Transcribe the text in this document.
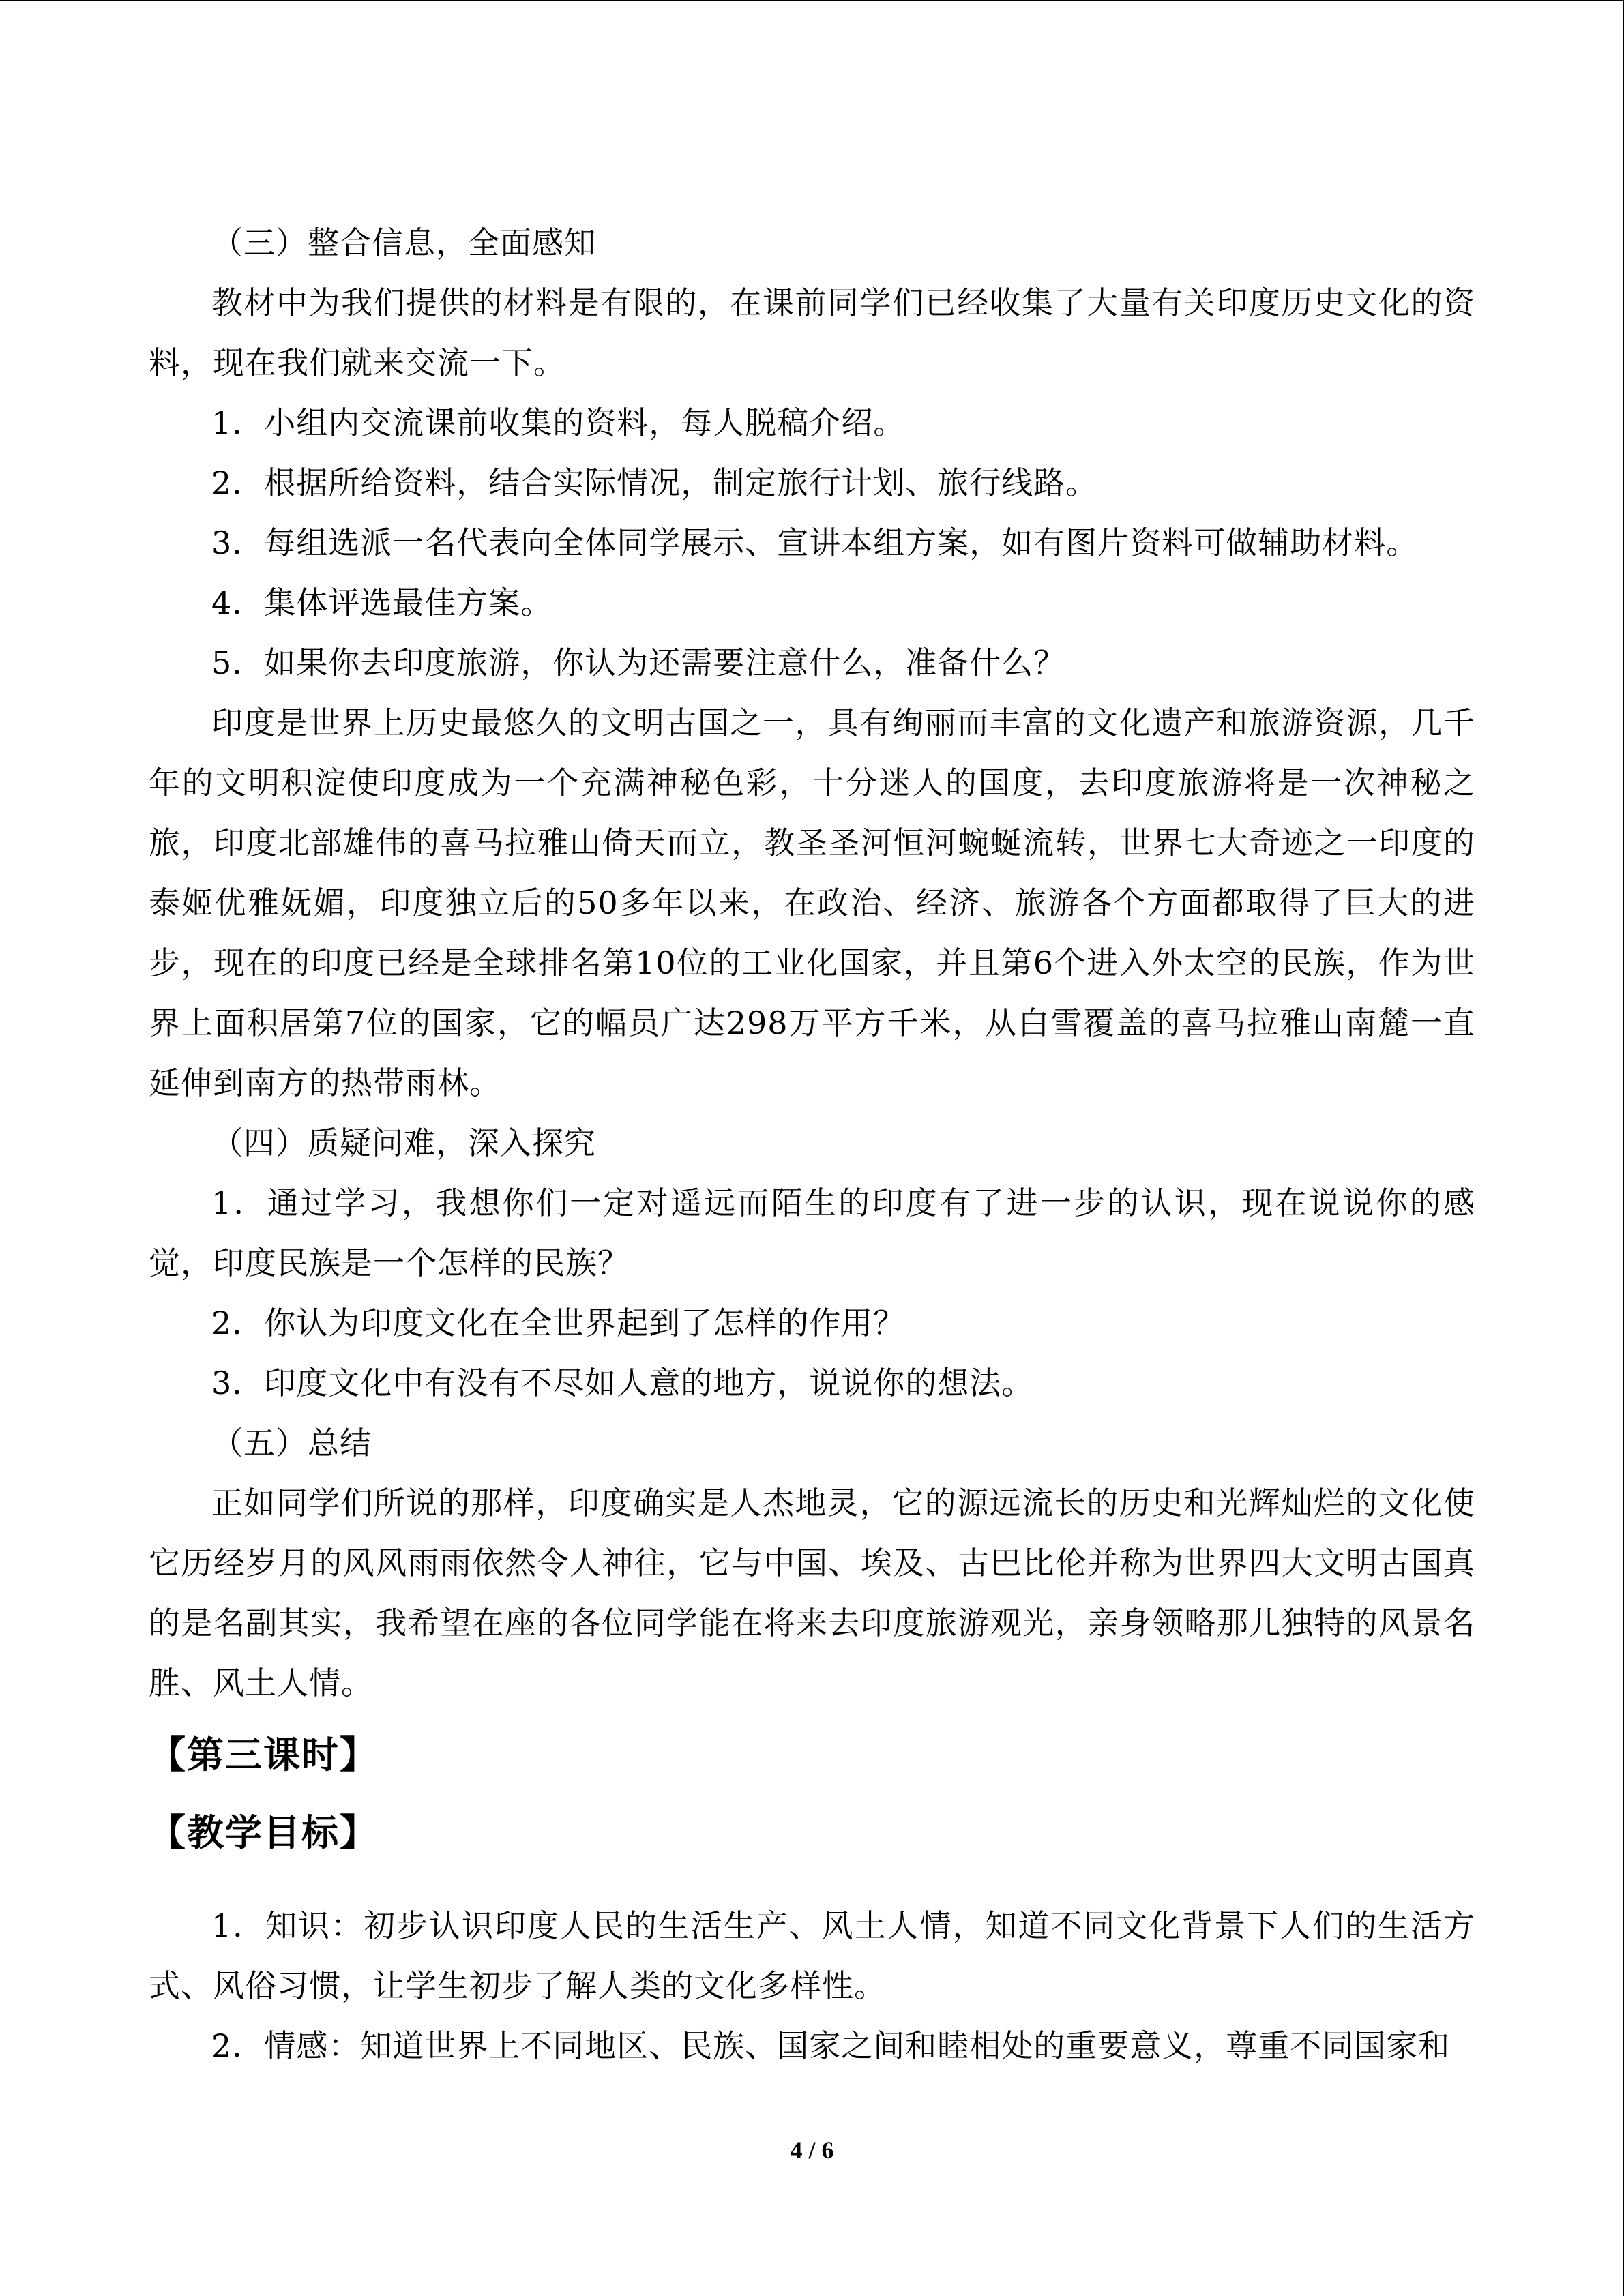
（三）整合信息，全面感知

教材中为我们提供的材料是有限的，在课前同学们已经收集了大量有关印度历史文化的资料，现在我们就来交流一下。

1．小组内交流课前收集的资料，每人脱稿介绍。

2．根据所给资料，结合实际情况，制定旅行计划、旅行线路。

3．每组选派一名代表向全体同学展示、宣讲本组方案，如有图片资料可做辅助材料。

4．集体评选最佳方案。

5．如果你去印度旅游，你认为还需要注意什么，准备什么？

印度是世界上历史最悠久的文明古国之一，具有绚丽而丰富的文化遗产和旅游资源，几千年的文明积淀使印度成为一个充满神秘色彩，十分迷人的国度，去印度旅游将是一次神秘之旅，印度北部雄伟的喜马拉雅山倚天而立，教圣圣河恒河蜿蜒流转，世界七大奇迹之一印度的泰姬优雅妩媚，印度独立后的50多年以来，在政治、经济、旅游各个方面都取得了巨大的进步，现在的印度已经是全球排名第10位的工业化国家，并且第6个进入外太空的民族，作为世界上面积居第7位的国家，它的幅员广达298万平方千米，从白雪覆盖的喜马拉雅山南麓一直延伸到南方的热带雨林。

（四）质疑问难，深入探究

1．通过学习，我想你们一定对遥远而陌生的印度有了进一步的认识，现在说说你的感觉，印度民族是一个怎样的民族？

2．你认为印度文化在全世界起到了怎样的作用？

3．印度文化中有没有不尽如人意的地方，说说你的想法。

（五）总结

正如同学们所说的那样，印度确实是人杰地灵，它的源远流长的历史和光辉灿烂的文化使它历经岁月的风风雨雨依然令人神往，它与中国、埃及、古巴比伦并称为世界四大文明古国真的是名副其实，我希望在座的各位同学能在将来去印度旅游观光，亲身领略那儿独特的风景名胜、风土人情。

【第三课时】
【教学目标】

1．知识：初步认识印度人民的生活生产、风土人情，知道不同文化背景下人们的生活方式、风俗习惯，让学生初步了解人类的文化多样性。

2．情感：知道世界上不同地区、民族、国家之间和睦相处的重要意义，尊重不同国家和

4 / 6
